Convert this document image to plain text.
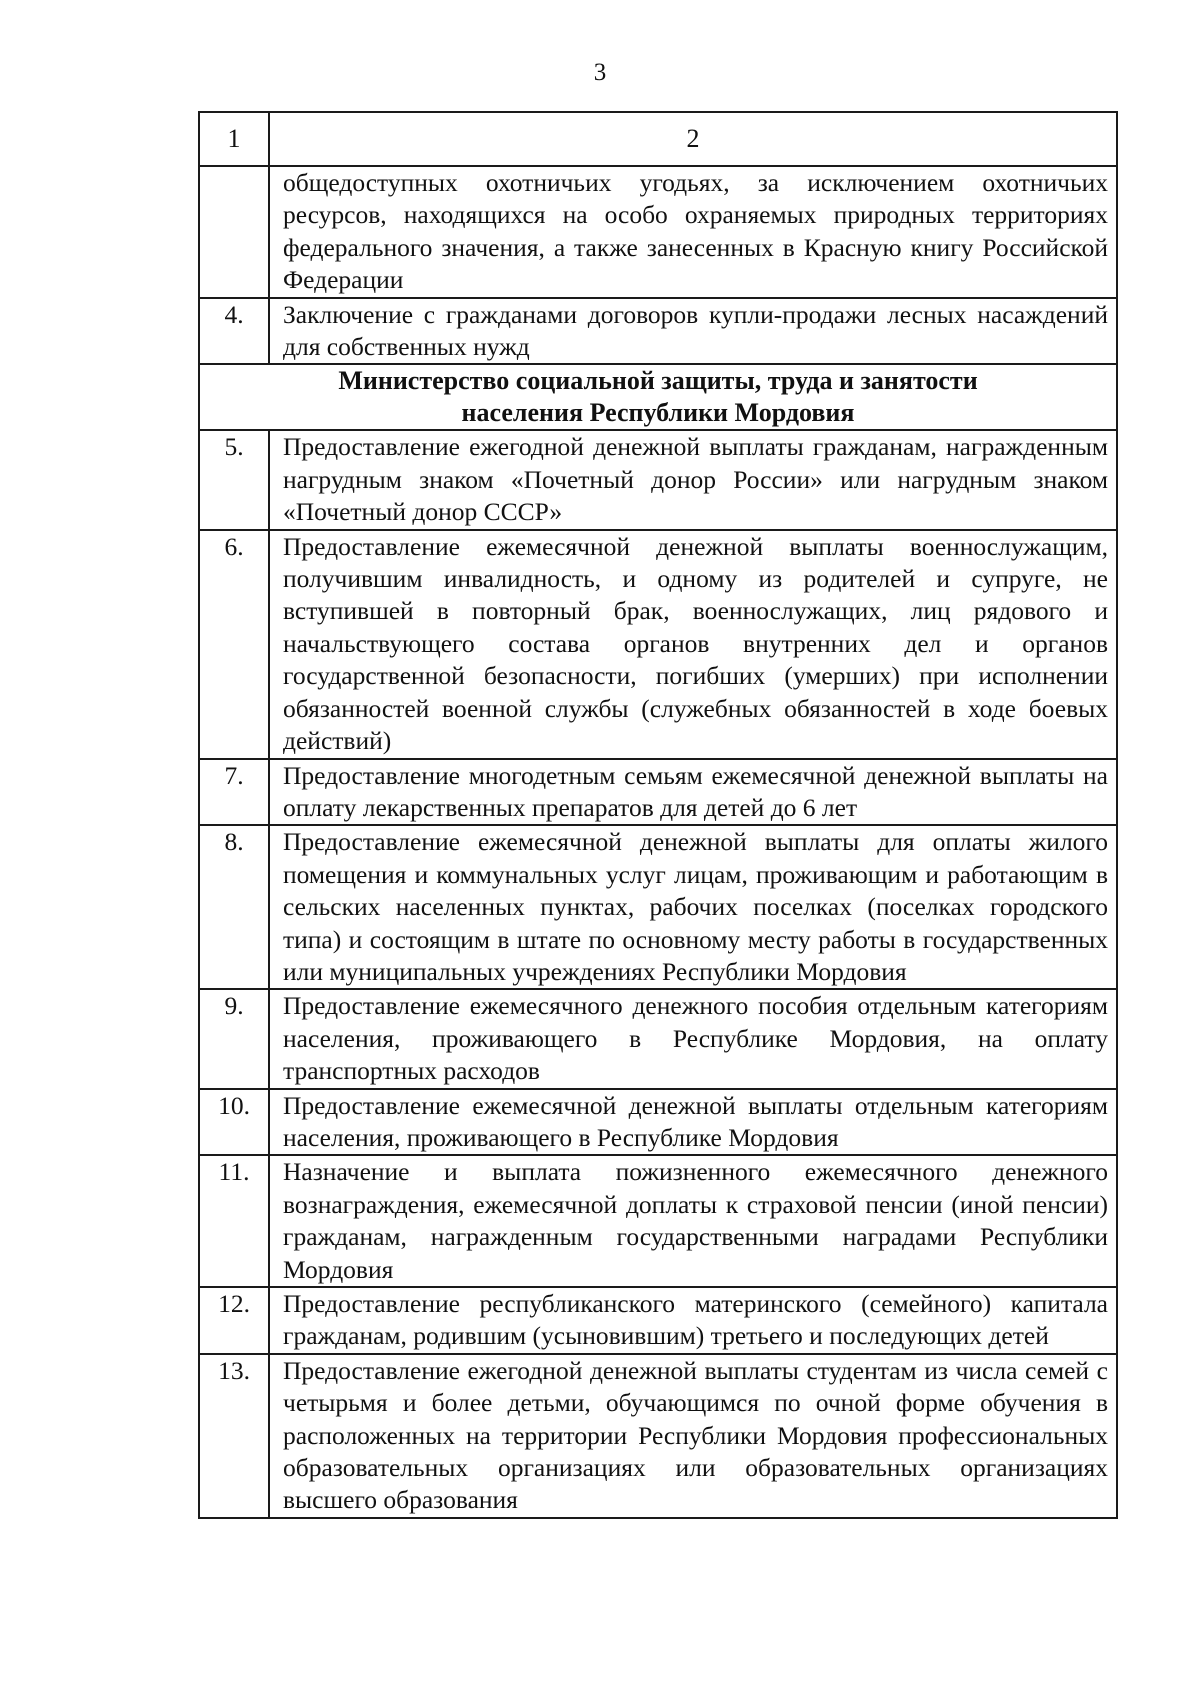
3
1	2

	общедоступных охотничьих угодьях, за исключением охотничьих ресурсов, находящихся на особо охраняемых природных территориях федерального значения, а также занесенных в Красную книгу Российской Федерации

4.	Заключение с гражданами договоров купли-продажи лесных насаждений для собственных нужд

Министерство социальной защиты, труда и занятости населения Республики Мордовия	

5.	Предоставление ежегодной денежной выплаты гражданам, награжденным нагрудным знаком «Почетный донор России» или нагрудным знаком «Почетный донор СССР»

6.	Предоставление ежемесячной денежной выплаты военнослужащим, получившим инвалидность, и одному из родителей и супруге, не вступившей в повторный брак, военнослужащих, лиц рядового и начальствующего состава органов внутренних дел и органов государственной безопасности, погибших (умерших) при исполнении обязанностей военной службы (служебных обязанностей в ходе боевых действий)

7.	Предоставление многодетным семьям ежемесячной денежной выплаты на оплату лекарственных препаратов для детей до 6 лет

8.	Предоставление ежемесячной денежной выплаты для оплаты жилого помещения и коммунальных услуг лицам, проживающим и работающим в сельских населенных пунктах, рабочих поселках (поселках городского типа) и состоящим в штате по основному месту работы в государственных или муниципальных учреждениях Республики Мордовия

9.	Предоставление ежемесячного денежного пособия отдельным категориям населения, проживающего в Республике Мордовия, на оплату транспортных расходов

10.	Предоставление ежемесячной денежной выплаты отдельным категориям населения, проживающего в Республике Мордовия

11.	Назначение и выплата пожизненного ежемесячного денежного вознаграждения, ежемесячной доплаты к страховой пенсии (иной пенсии) гражданам, награжденным государственными наградами Республики Мордовия

12.	Предоставление республиканского материнского (семейного) капитала гражданам, родившим (усыновившим) третьего и последующих детей

13.	Предоставление ежегодной денежной выплаты студентам из числа семей с четырьмя и более детьми, обучающимся по очной форме обучения в расположенных на территории Республики Мордовия профессиональных образовательных организациях или образовательных организациях высшего образования
